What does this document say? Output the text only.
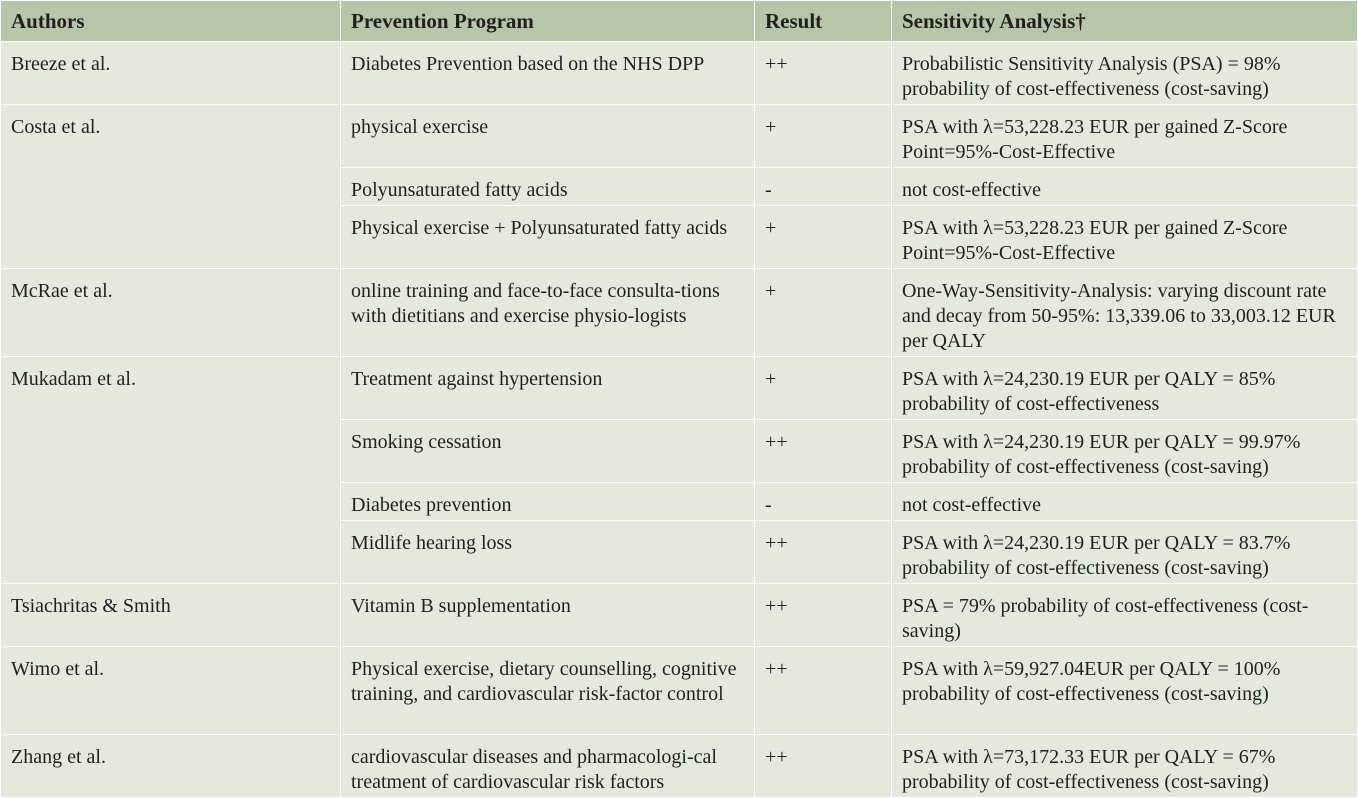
Authors	Prevention Program	Result	Sensitivity Analysis†
Breeze et al.	Diabetes Prevention based on the NHS DPP	++	Probabilistic Sensitivity Analysis (PSA) = 98% probability of cost-effectiveness (cost-saving)
Costa et al.	physical exercise	+	PSA with λ=53,228.23 EUR per gained Z-Score Point=95%-Cost-Effective
	Polyunsaturated fatty acids	-	not cost-effective
	Physical exercise + Polyunsaturated fatty acids	+	PSA with λ=53,228.23 EUR per gained Z-Score Point=95%-Cost-Effective
McRae et al.	online training and face-to-face consulta-tions with dietitians and exercise physio-logists	+	One-Way-Sensitivity-Analysis: varying discount rate and decay from 50-95%: 13,339.06 to 33,003.12 EUR per QALY
Mukadam et al.	Treatment against hypertension	+	PSA with λ=24,230.19 EUR per QALY = 85% probability of cost-effectiveness
	Smoking cessation	++	PSA with λ=24,230.19 EUR per QALY = 99.97% probability of cost-effectiveness (cost-saving)
	Diabetes prevention	-	not cost-effective
	Midlife hearing loss	++	PSA with λ=24,230.19 EUR per QALY = 83.7% probability of cost-effectiveness (cost-saving)
Tsiachritas & Smith	Vitamin B supplementation	++	PSA = 79% probability of cost-effectiveness (cost-saving)
Wimo et al.	Physical exercise, dietary counselling, cognitive training, and cardiovascular risk-factor control	++	PSA with λ=59,927.04EUR per QALY = 100% probability of cost-effectiveness (cost-saving)
Zhang et al.	cardiovascular diseases and pharmacologi-cal treatment of cardiovascular risk factors	++	PSA with λ=73,172.33 EUR per QALY = 67% probability of cost-effectiveness (cost-saving)
